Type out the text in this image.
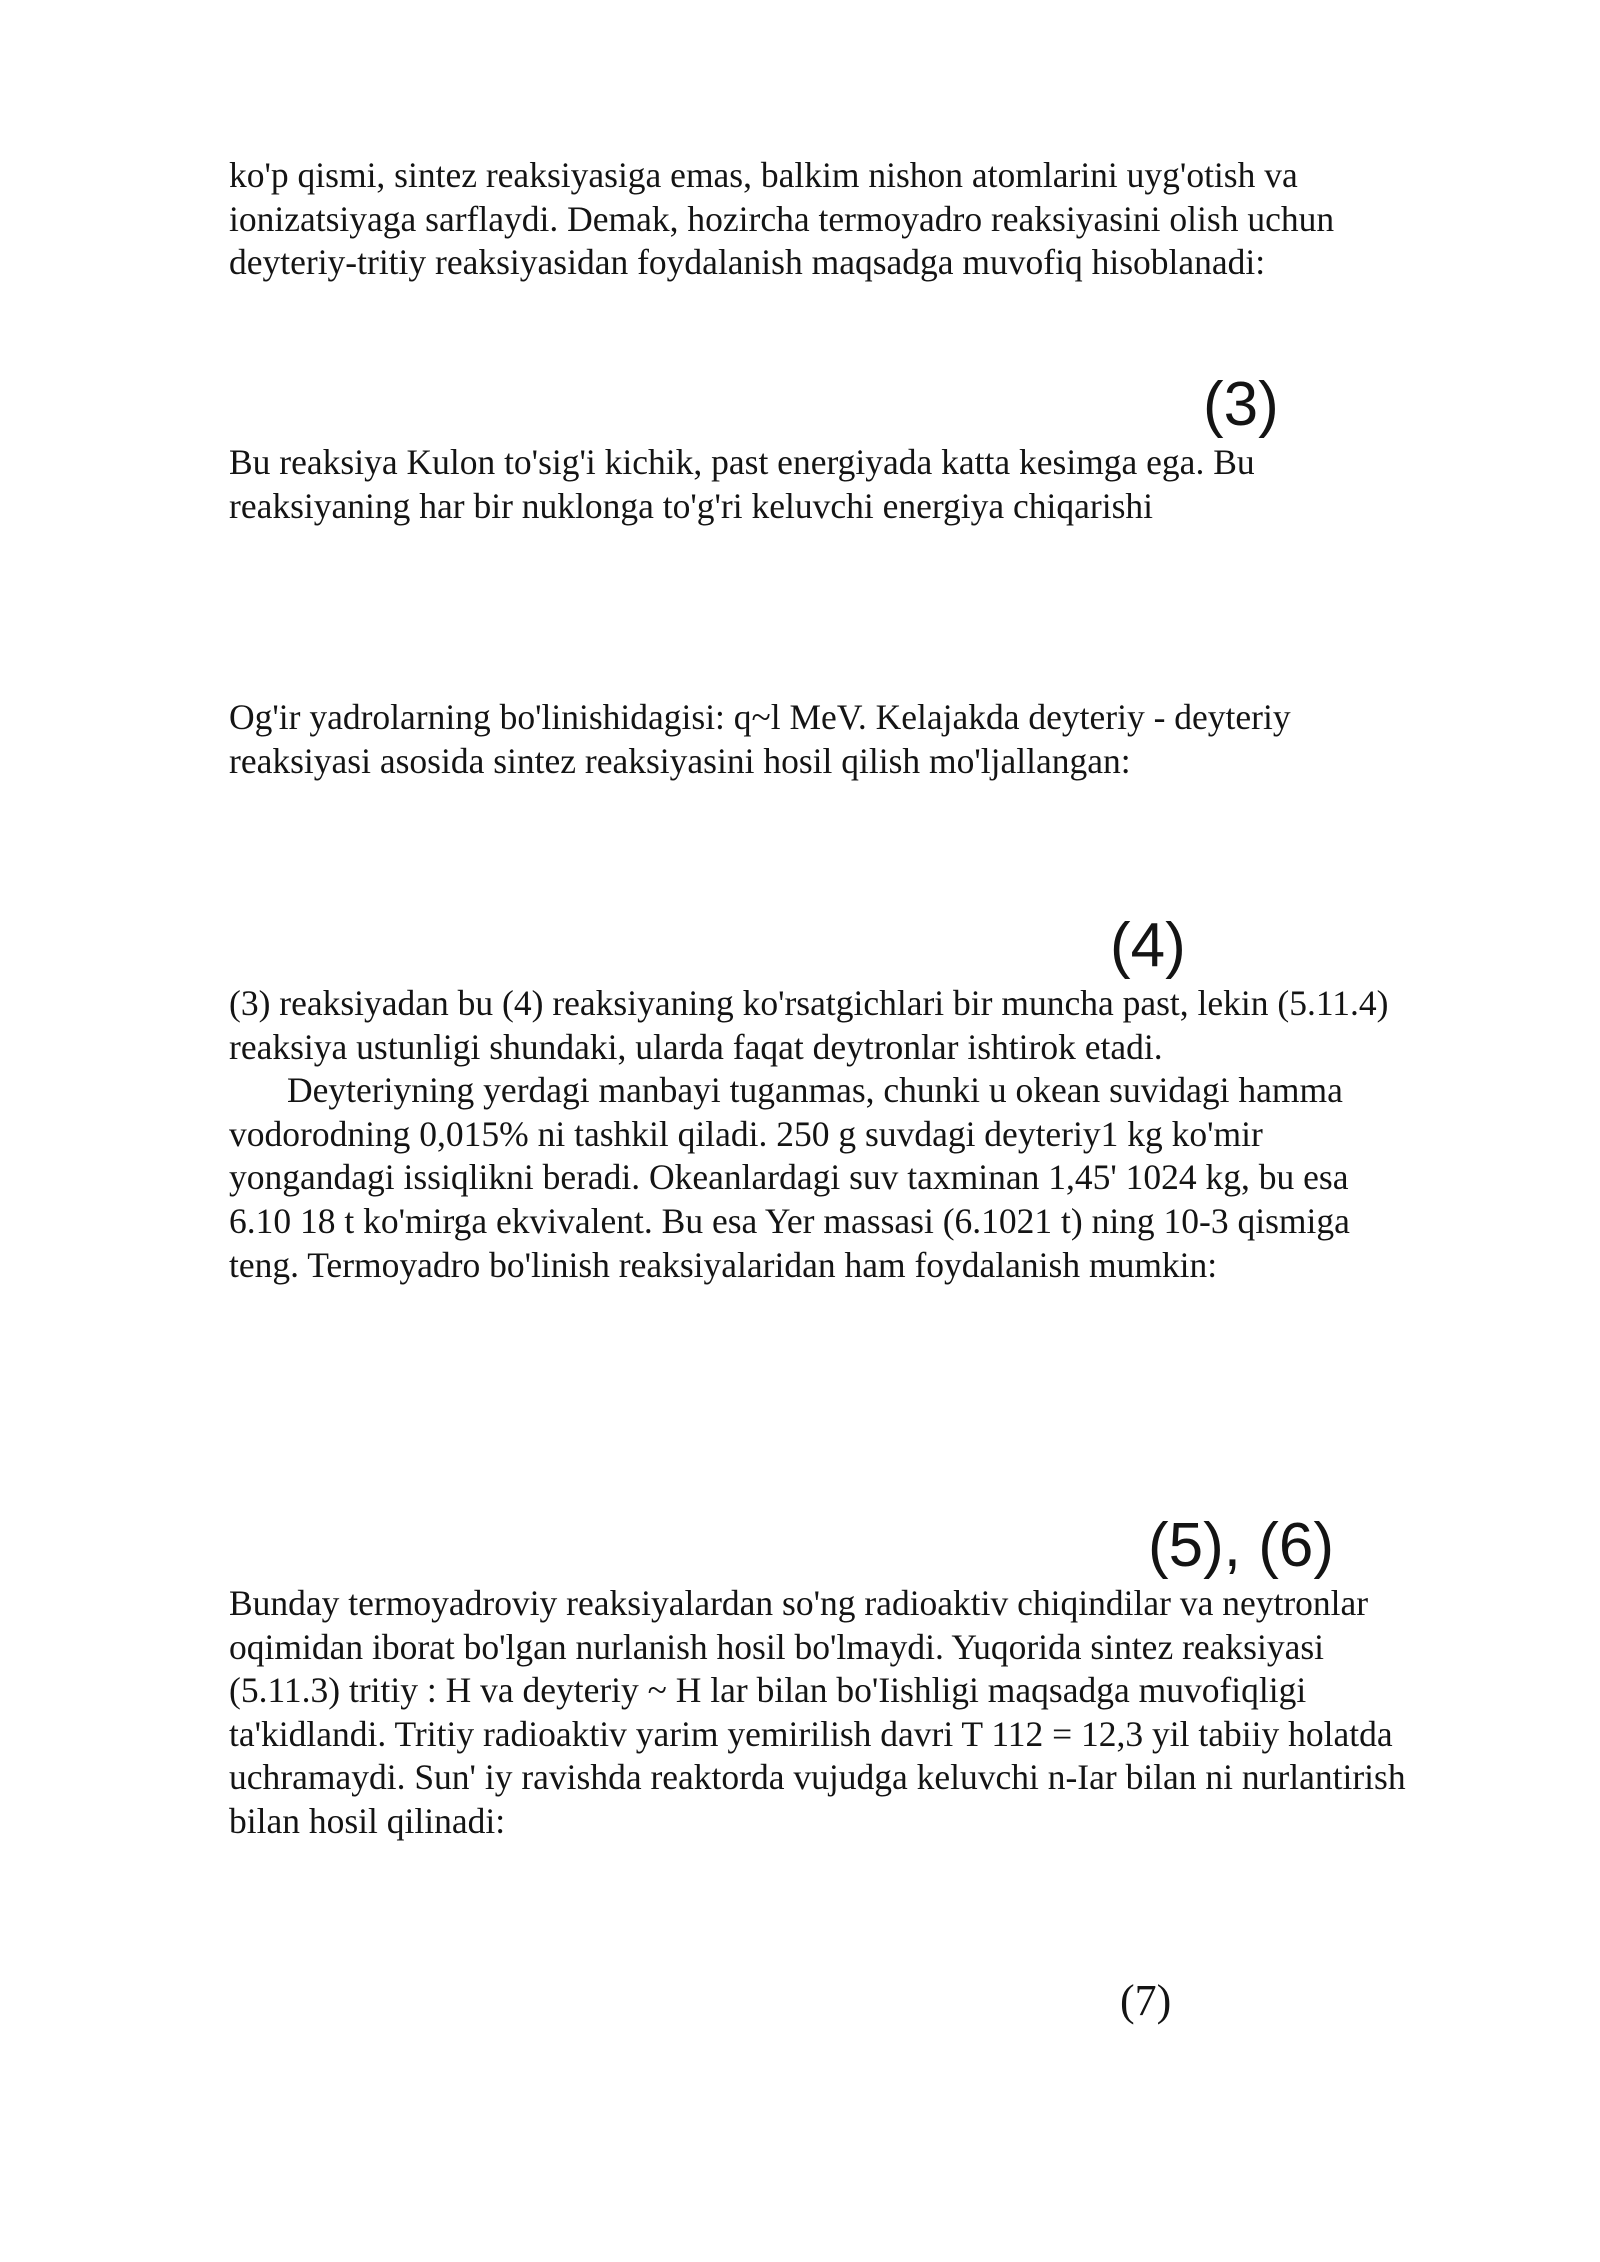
ko'p qismi, sintez reaksiyasiga emas, balkim nishon atomlarini uyg'otish va
ionizatsiyaga sarflaydi. Demak, hozircha termoyadro reaksiyasini olish uchun
deyteriy-tritiy reaksiyasidan foydalanish maqsadga muvofiq hisoblanadi:
(3)
Bu reaksiya Kulon to'sig'i kichik, past energiyada katta kesimga ega. Bu
reaksiyaning har bir nuklonga to'g'ri keluvchi energiya chiqarishi
Og'ir yadrolarning bo'linishidagisi: q~l MeV. Kelajakda deyteriy - deyteriy
reaksiyasi asosida sintez reaksiyasini hosil qilish mo'ljallangan:
(4)
(3) reaksiyadan bu (4) reaksiyaning ko'rsatgichlari bir muncha past, lekin (5.11.4)
reaksiya ustunligi shundaki, ularda faqat deytronlar ishtirok etadi.
Deyteriyning yerdagi manbayi tuganmas, chunki u okean suvidagi hamma
vodorodning 0,015% ni tashkil qiladi. 250 g suvdagi deyteriy1 kg ko'mir
yongandagi issiqlikni beradi. Okeanlardagi suv taxminan 1,45' 1024 kg, bu esa
6.10 18 t ko'mirga ekvivalent. Bu esa Yer massasi (6.1021 t) ning 10-3 qismiga
teng. Termoyadro bo'linish reaksiyalaridan ham foydalanish mumkin:
(5), (6)
Bunday termoyadroviy reaksiyalardan so'ng radioaktiv chiqindilar va neytronlar
oqimidan iborat bo'lgan nurlanish hosil bo'lmaydi. Yuqorida sintez reaksiyasi
(5.11.3) tritiy : H va deyteriy ~ H lar bilan bo'Iishligi maqsadga muvofiqligi
ta'kidlandi. Tritiy radioaktiv yarim yemirilish davri T 112 = 12,3 yil tabiiy holatda
uchramaydi. Sun' iy ravishda reaktorda vujudga keluvchi n-Iar bilan ni nurlantirish
bilan hosil qilinadi:
(7)
